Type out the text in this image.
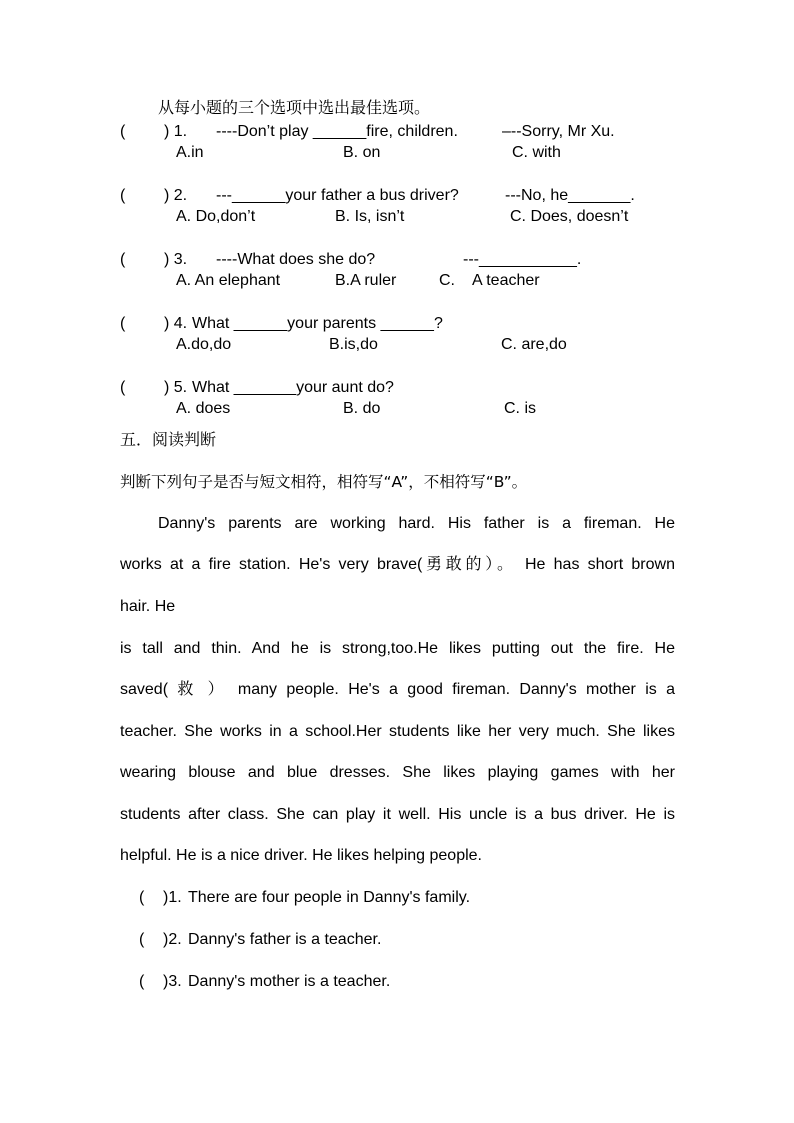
从每小题的三个选项中选出最佳选项。
( ) 1. ----Don’t play ______fire, children.	–--Sorry, Mr Xu.
A.in	B. on	C. with
( ) 2. ---______your father a bus driver?	---No, he_______.
A. Do,don’t	B. Is, isn’t	C. Does, doesn’t
( ) 3. ----What does she do?	---___________.
A. An elephant	B.A ruler	C. A teacher
( ) 4. What ______your parents ______?
A.do,do	B.is,do	C. are,do
( ) 5. What _______your aunt do?
A. does	B. do	C. is
五．阅读判断
判断下列句子是否与短文相符，相符写“A”，不相符写“B”。
Danny's parents are working hard. His father is a fireman. He
works at a fire station. He's very brave(勇敢的）。 He has short brown
hair. He
is tall and thin. And he is strong,too.He likes putting out the fire. He
saved( 救 ） many people. He's a good fireman. Danny's mother is a
teacher. She works in a school.Her students like her very much. She likes
wearing blouse and blue dresses. She likes playing games with her
students after class. She can play it well. His uncle is a bus driver. He is
helpful. He is a nice driver. He likes helping people.
( )1. There are four people in Danny's family.
( )2. Danny's father is a teacher.
( )3. Danny's mother is a teacher.
